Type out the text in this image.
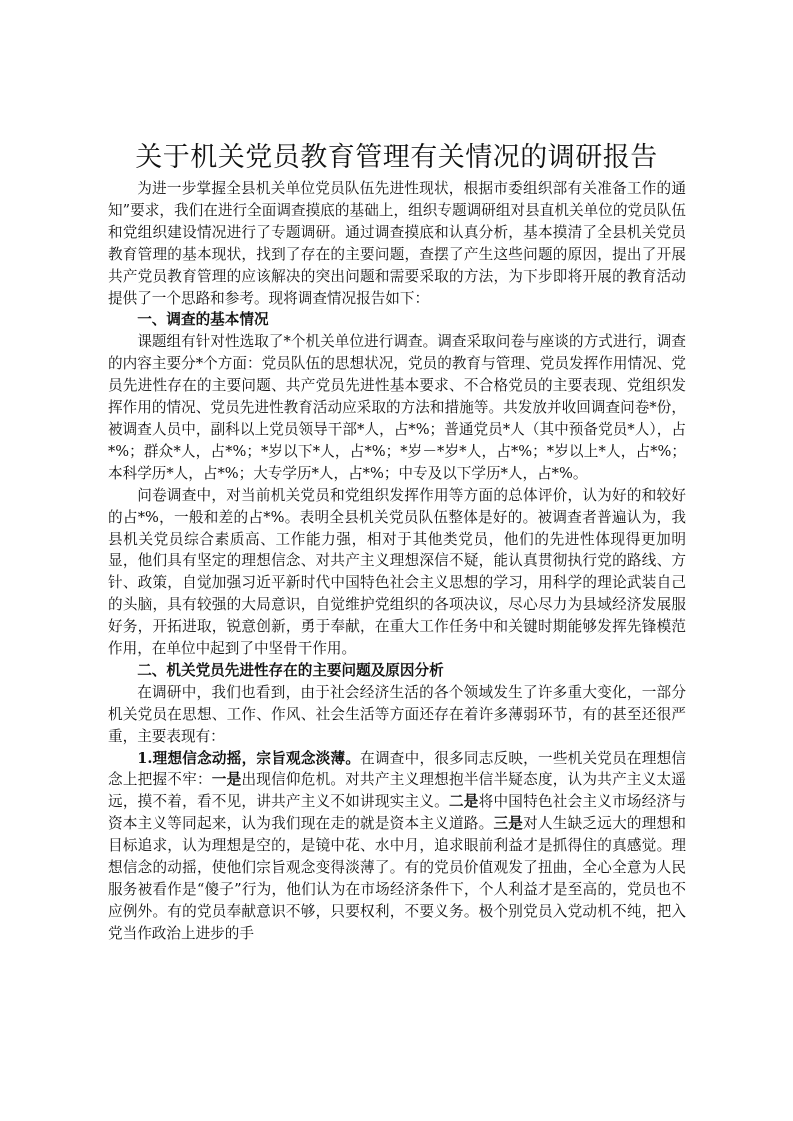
关于机关党员教育管理有关情况的调研报告

为进一步掌握全县机关单位党员队伍先进性现状，根据市委组织部有关准备工作的通知”要求，我们在进行全面调查摸底的基础上，组织专题调研组对县直机关单位的党员队伍和党组织建设情况进行了专题调研。通过调查摸底和认真分析，基本摸清了全县机关党员教育管理的基本现状，找到了存在的主要问题，查摆了产生这些问题的原因，提出了开展共产党员教育管理的应该解决的突出问题和需要采取的方法，为下步即将开展的教育活动提供了一个思路和参考。现将调查情况报告如下：

一、调查的基本情况

课题组有针对性选取了*个机关单位进行调查。调查采取问卷与座谈的方式进行，调查的内容主要分*个方面：党员队伍的思想状况，党员的教育与管理、党员发挥作用情况、党员先进性存在的主要问题、共产党员先进性基本要求、不合格党员的主要表现、党组织发挥作用的情况、党员先进性教育活动应采取的方法和措施等。共发放并收回调查问卷*份，被调查人员中，副科以上党员领导干部*人，占*%；普通党员*人（其中预备党员*人），占*%；群众*人，占*%；*岁以下*人，占*%；*岁－*岁*人，占*%；*岁以上*人，占*%；本科学历*人，占*%；大专学历*人，占*%；中专及以下学历*人，占*%。

问卷调查中，对当前机关党员和党组织发挥作用等方面的总体评价，认为好的和较好的占*%，一般和差的占*%。表明全县机关党员队伍整体是好的。被调查者普遍认为，我县机关党员综合素质高、工作能力强，相对于其他类党员，他们的先进性体现得更加明显，他们具有坚定的理想信念、对共产主义理想深信不疑，能认真贯彻执行党的路线、方针、政策，自觉加强习近平新时代中国特色社会主义思想的学习，用科学的理论武装自己的头脑，具有较强的大局意识，自觉维护党组织的各项决议，尽心尽力为县域经济发展服好务，开拓进取，锐意创新，勇于奉献，在重大工作任务中和关键时期能够发挥先锋模范作用，在单位中起到了中坚骨干作用。

二、机关党员先进性存在的主要问题及原因分析

在调研中，我们也看到，由于社会经济生活的各个领域发生了许多重大变化，一部分机关党员在思想、工作、作风、社会生活等方面还存在着许多薄弱环节，有的甚至还很严重，主要表现有：

1.理想信念动摇，宗旨观念淡薄。在调查中，很多同志反映，一些机关党员在理想信念上把握不牢：一是出现信仰危机。对共产主义理想抱半信半疑态度，认为共产主义太遥远，摸不着，看不见，讲共产主义不如讲现实主义。二是将中国特色社会主义市场经济与资本主义等同起来，认为我们现在走的就是资本主义道路。三是对人生缺乏远大的理想和目标追求，认为理想是空的，是镜中花、水中月，追求眼前利益才是抓得住的真感觉。理想信念的动摇，使他们宗旨观念变得淡薄了。有的党员价值观发了扭曲，全心全意为人民服务被看作是“傻子”行为，他们认为在市场经济条件下，个人利益才是至高的，党员也不应例外。有的党员奉献意识不够，只要权利，不要义务。极个别党员入党动机不纯，把入党当作政治上进步的手
